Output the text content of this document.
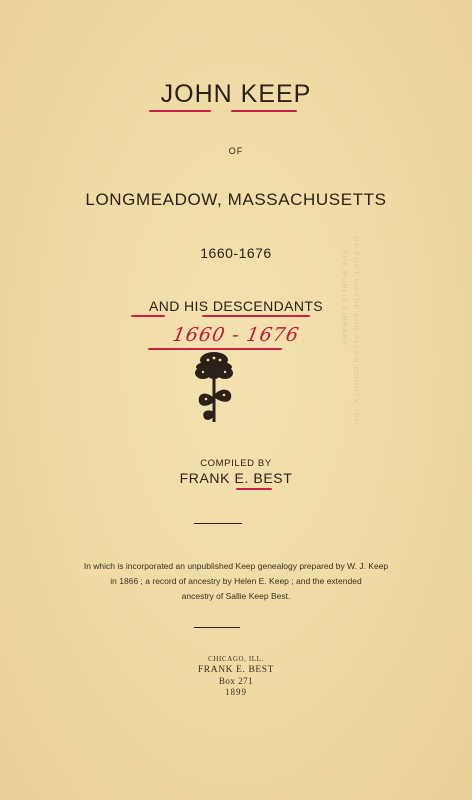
JOHN KEEP
OF
LONGMEADOW, MASSACHUSETTS
1660-1676
AND HIS DESCENDANTS
1660 - 1676
COMPILED BY
FRANK E. BEST
In which is incorporated an unpublished Keep genealogy prepared by W. J. Keep
in 1866 ; a record of ancestry by Helen E. Keep ; and the extended
ancestry of Sallie Keep Best.
CHICAGO, ILL.
FRANK E. BEST
Box 271
1899
THE PUBLIC LIBRARY OF FORT WAYNE AND ALLEN COUNTY, IND.
